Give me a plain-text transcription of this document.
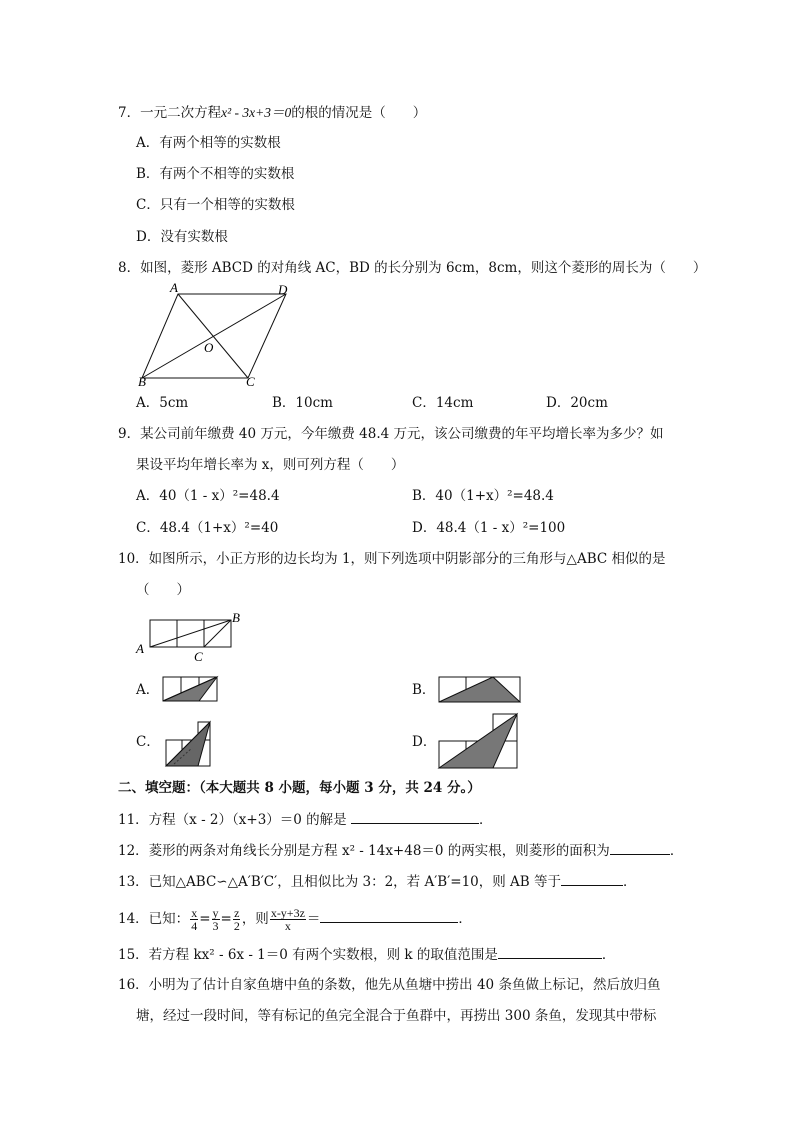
7．一元二次方程x² - 3x+3＝0的根的情况是（　　）
A．有两个相等的实数根
B．有两个不相等的实数根
C．只有一个相等的实数根
D．没有实数根
8．如图，菱形 ABCD 的对角线 AC，BD 的长分别为 6cm，8cm，则这个菱形的周长为（　　）
A	D
O
B	C
A．5cm	B．10cm	C．14cm	D．20cm
9．某公司前年缴费 40 万元，今年缴费 48.4 万元，该公司缴费的年平均增长率为多少？如
果设平均年增长率为 x，则可列方程（　　）
A．40（1 - x）²=48.4	B．40（1+x）²=48.4
C．48.4（1+x）²=40	D．48.4（1 - x）²=100
10．如图所示，小正方形的边长均为 1，则下列选项中阴影部分的三角形与△ABC 相似的是
（　　）
A
B
C
A．	B．
C．	D．
二、填空题：（本大题共 8 小题，每小题 3 分，共 24 分。）
11．方程（x - 2）（x+3）＝0 的解是	．
12．菱形的两条对角线长分别是方程 x² - 14x+48＝0 的两实根，则菱形的面积为	．
13．已知△ABC∽△A′B′C′，且相似比为 3：2，若 A′B′=10，则 AB 等于	．
14．已知： $\frac{x}{4} = \frac{y}{3} = \frac{z}{2}$ ，则 $\frac{x-y+3z}{x}$ ＝	．
15．若方程 kx² - 6x - 1＝0 有两个实数根，则 k 的取值范围是	．
16．小明为了估计自家鱼塘中鱼的条数，他先从鱼塘中捞出 40 条鱼做上标记，然后放归鱼
塘，经过一段时间，等有标记的鱼完全混合于鱼群中，再捞出 300 条鱼，发现其中带标
